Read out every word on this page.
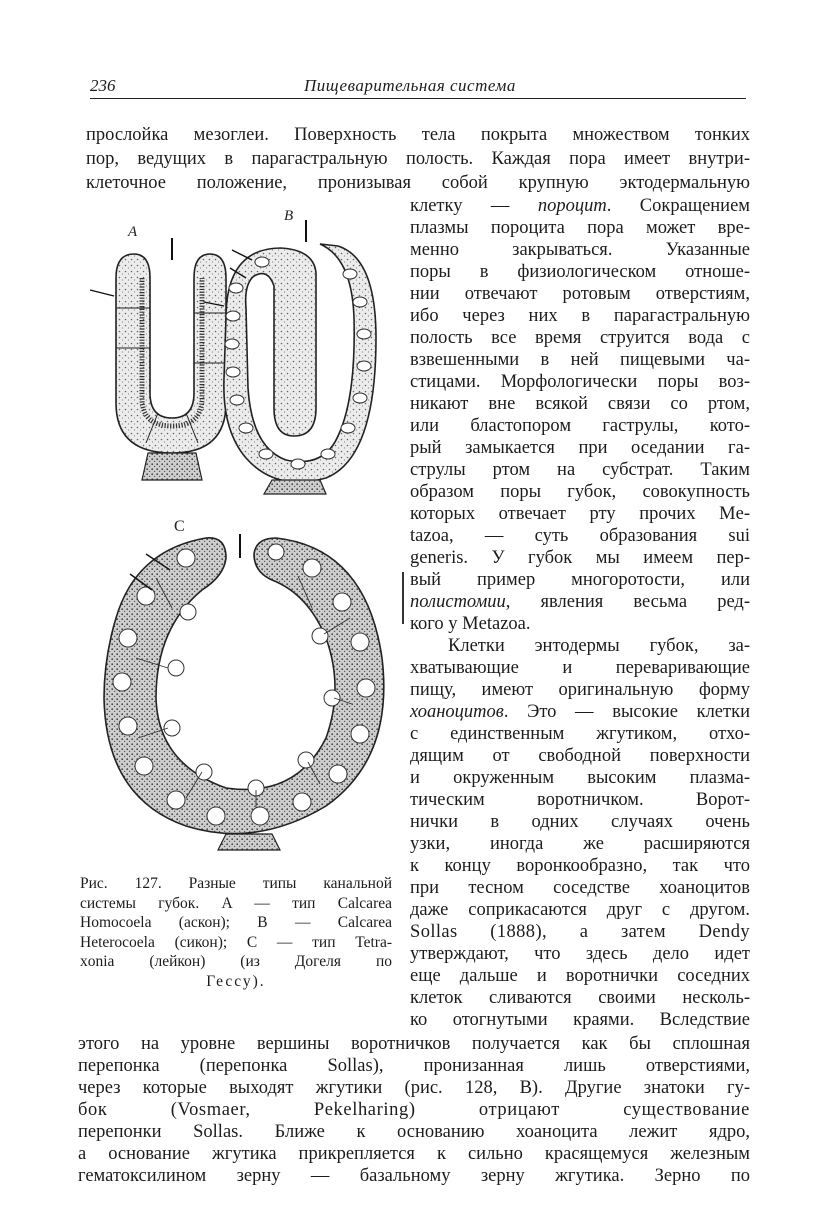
236	Пищеварительная система
прослойка мезоглеи. Поверхность тела покрыта множеством тонких
пор, ведущих в парагастральную полость. Каждая пора имеет внутри-
клеточное положение, пронизывая собой крупную эктодермальную
клетку — пороцит. Сокращением
плазмы пороцита пора может вре-
менно закрываться. Указанные
поры в физиологическом отноше-
нии отвечают ротовым отверстиям,
ибо через них в парагастральную
полость все время струится вода с
взвешенными в ней пищевыми ча-
стицами. Морфологически поры воз-
никают вне всякой связи со ртом,
или бластопором гаструлы, кото-
рый замыкается при оседании га-
струлы ртом на субстрат. Таким
образом поры губок, совокупность
которых отвечает рту прочих Me-
tazoa, — суть образования sui
generis. У губок мы имеем пер-
вый пример многоротости, или
полистомии, явления весьма ред-
кого у Metazoa.
Клетки энтодермы губок, за-
хватывающие и переваривающие
пищу, имеют оригинальную форму
хоаноцитов. Это — высокие клетки
с единственным жгутиком, отхо-
дящим от свободной поверхности
и окруженным высоким плазма-
тическим воротничком. Ворот-
нички в одних случаях очень
узки, иногда же расширяются
к концу воронкообразно, так что
при тесном соседстве хоаноцитов
даже соприкасаются друг с другом.
Sollas (1888), а затем Dendy
утверждают, что здесь дело идет
еще дальше и воротнички соседних
клеток сливаются своими несколь-
ко отогнутыми краями. Вследствие
этого на уровне вершины воротничков получается как бы сплошная
перепонка (перепонка Sollas), пронизанная лишь отверстиями,
через которые выходят жгутики (рис. 128, B). Другие знатоки гу-
бок (Vosmaer, Pekelharing) отрицают существование
перепонки Sollas. Ближе к основанию хоаноцита лежит ядро,
а основание жгутика прикрепляется к сильно красящемуся железным
гематоксилином зерну — базальному зерну жгутика. Зерно по
A
B
C
Рис. 127. Разные типы канальной
системы губок. A — тип Calcarea
Homocoela (аскон); B — Calcarea
Heterocoela (сикон); C — тип Tetra-
xonia (лейкон) (из Догеля по
Гессу).
